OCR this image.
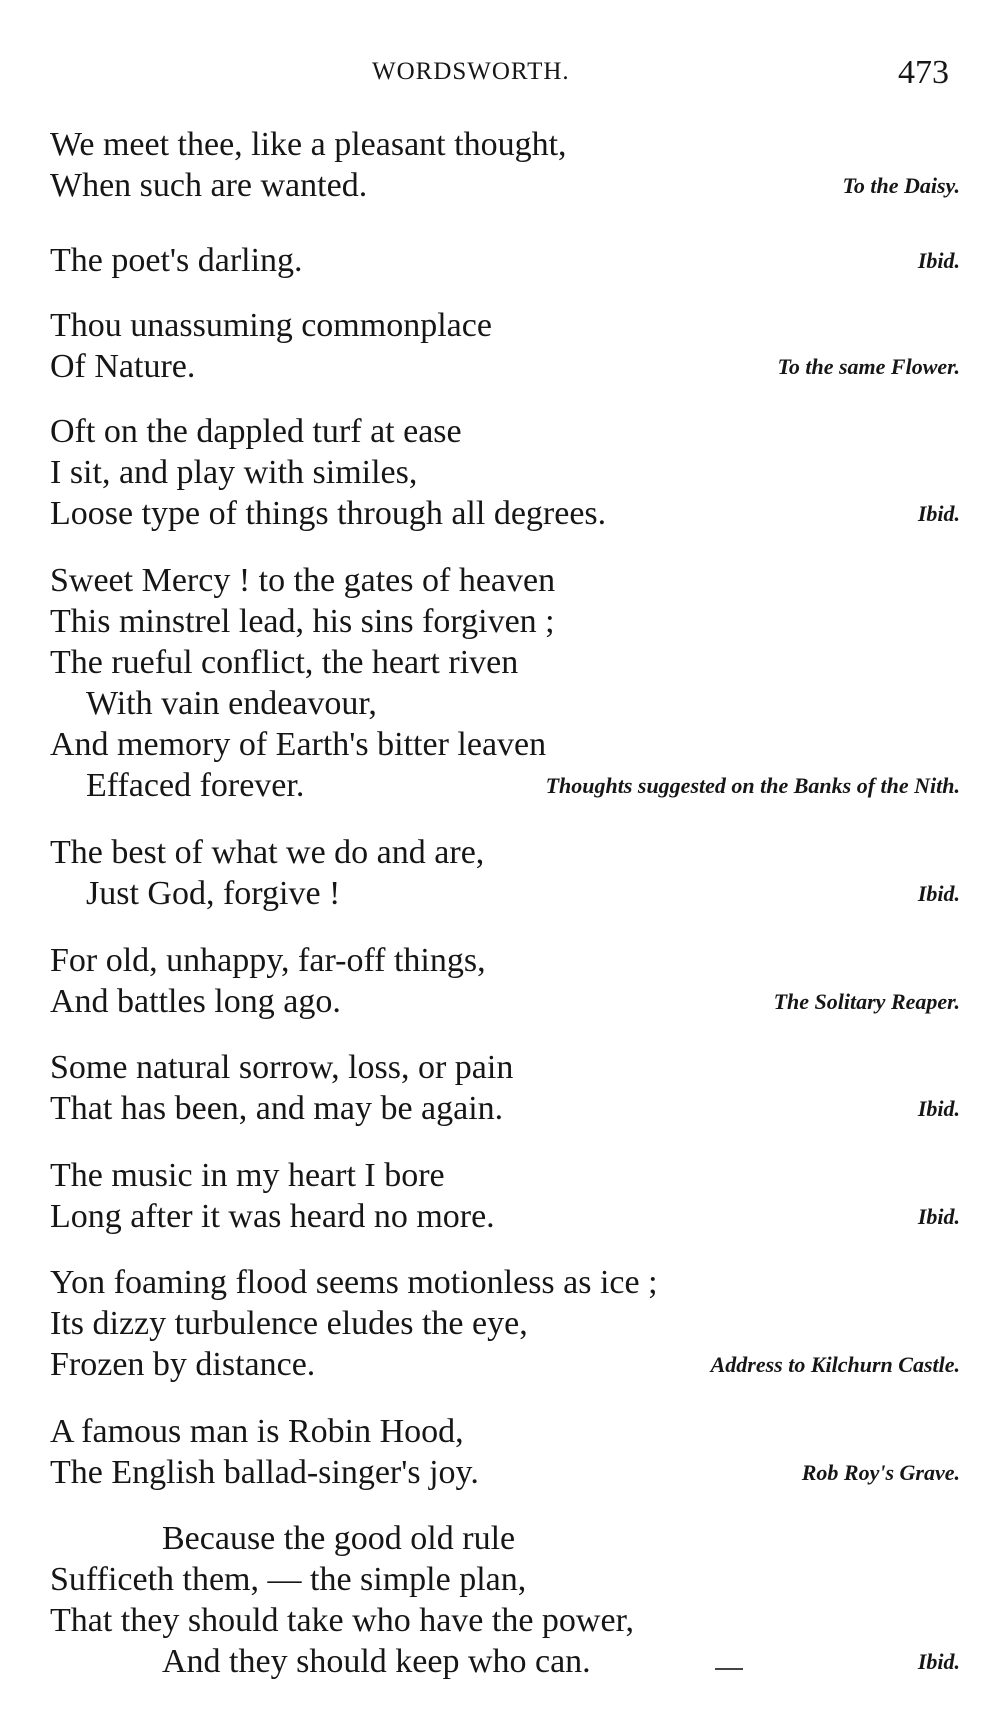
WORDSWORTH.	473
We meet thee, like a pleasant thought,
When such are wanted.	To the Daisy.
The poet's darling.	Ibid.
Thou unassuming commonplace
Of Nature.	To the same Flower.
Oft on the dappled turf at ease
I sit, and play with similes,
Loose type of things through all degrees.	Ibid.
Sweet Mercy ! to the gates of heaven
This minstrel lead, his sins forgiven ;
The rueful conflict, the heart riven
With vain endeavour,
And memory of Earth's bitter leaven
Effaced forever.	Thoughts suggested on the Banks of the Nith.
The best of what we do and are,
Just God, forgive !	Ibid.
For old, unhappy, far-off things,
And battles long ago.	The Solitary Reaper.
Some natural sorrow, loss, or pain
That has been, and may be again.	Ibid.
The music in my heart I bore
Long after it was heard no more.	Ibid.
Yon foaming flood seems motionless as ice ;
Its dizzy turbulence eludes the eye,
Frozen by distance.	Address to Kilchurn Castle.
A famous man is Robin Hood,
The English ballad-singer's joy.	Rob Roy's Grave.
Because the good old rule
Sufficeth them, — the simple plan,
That they should take who have the power,
And they should keep who can.	Ibid.
